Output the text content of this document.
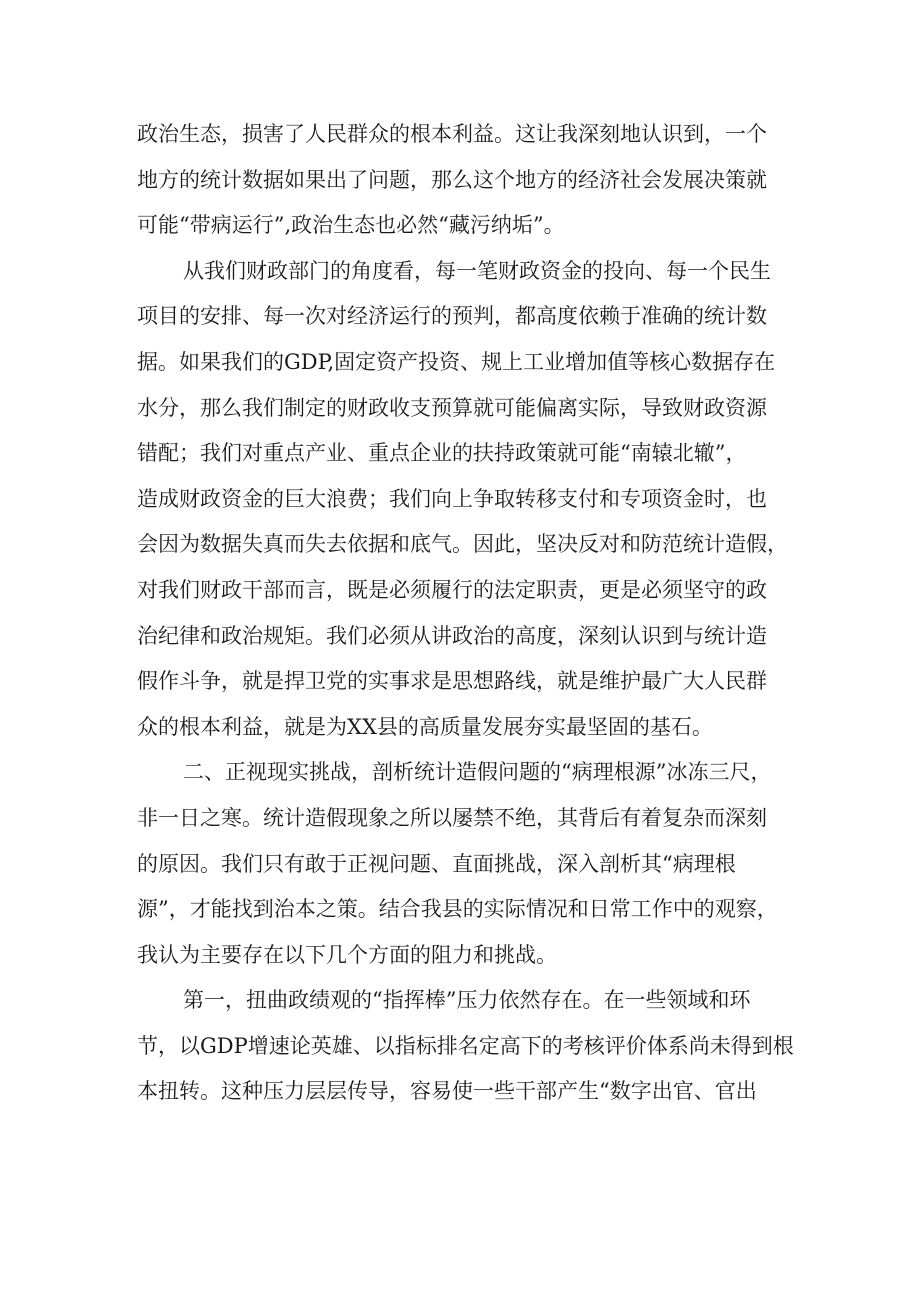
政治生态，损害了人民群众的根本利益。这让我深刻地认识到，一个
地方的统计数据如果出了问题，那么这个地方的经济社会发展决策就
可能“带病运行”,政治生态也必然“藏污纳垢”。
从我们财政部门的角度看，每一笔财政资金的投向、每一个民生
项目的安排、每一次对经济运行的预判，都高度依赖于准确的统计数
据。如果我们的GDP,固定资产投资、规上工业增加值等核心数据存在
水分，那么我们制定的财政收支预算就可能偏离实际，导致财政资源
错配；我们对重点产业、重点企业的扶持政策就可能“南辕北辙”，
造成财政资金的巨大浪费；我们向上争取转移支付和专项资金时，也
会因为数据失真而失去依据和底气。因此，坚决反对和防范统计造假，
对我们财政干部而言，既是必须履行的法定职责，更是必须坚守的政
治纪律和政治规矩。我们必须从讲政治的高度，深刻认识到与统计造
假作斗争，就是捍卫党的实事求是思想路线，就是维护最广大人民群
众的根本利益，就是为XX县的高质量发展夯实最坚固的基石。
二、正视现实挑战，剖析统计造假问题的“病理根源”冰冻三尺，
非一日之寒。统计造假现象之所以屡禁不绝，其背后有着复杂而深刻
的原因。我们只有敢于正视问题、直面挑战，深入剖析其“病理根
源”，才能找到治本之策。结合我县的实际情况和日常工作中的观察，
我认为主要存在以下几个方面的阻力和挑战。
第一，扭曲政绩观的“指挥棒”压力依然存在。在一些领域和环
节，以GDP增速论英雄、以指标排名定高下的考核评价体系尚未得到根
本扭转。这种压力层层传导，容易使一些干部产生“数字出官、官出
